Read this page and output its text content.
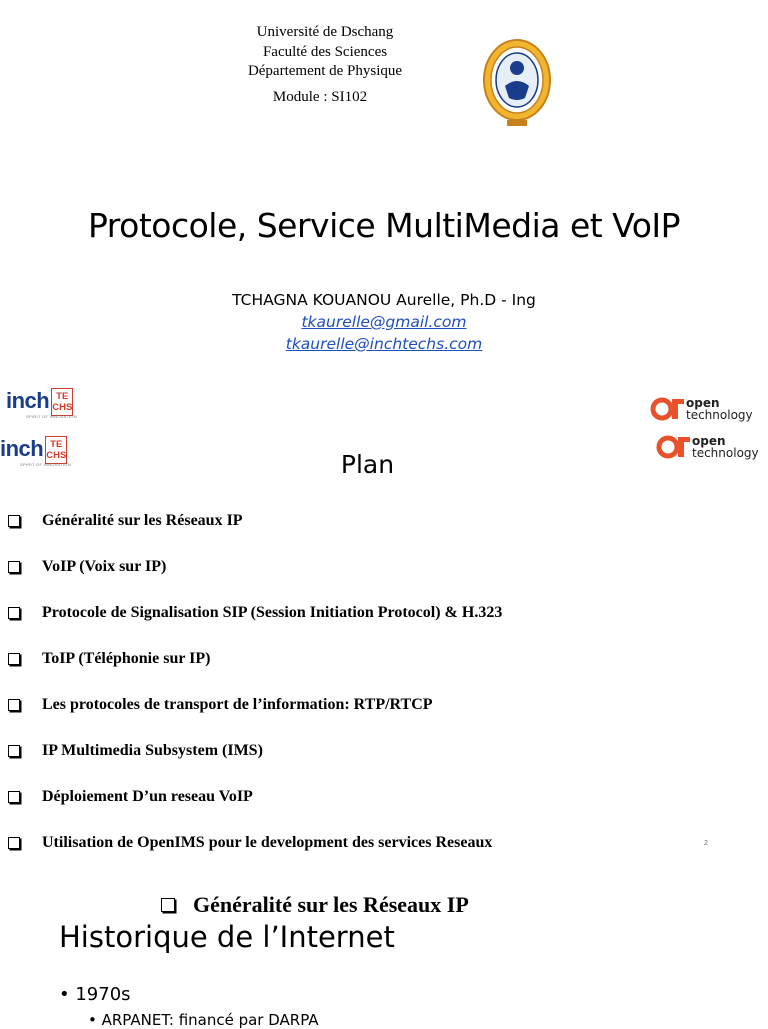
Université de Dschang
Faculté des Sciences
Département de Physique
Module : SI102
Protocole, Service MultiMedia et VoIP
TCHAGNA KOUANOU Aurelle, Ph.D - Ing
tkaurelle@gmail.com
tkaurelle@inchtechs.com
inch TE
CHS
SPIRIT OF INNOVATION
inch TE
CHS
SPIRIT OF INNOVATION
open
technology
open
technology
Plan
Généralité sur les Réseaux IP
VoIP (Voix sur IP)
Protocole de Signalisation SIP (Session Initiation Protocol) & H.323
ToIP (Téléphonie sur IP)
Les protocoles de transport de l’information: RTP/RTCP
IP Multimedia Subsystem (IMS)
Déploiement D’un reseau VoIP
Utilisation de OpenIMS pour le development des services Reseaux	2
Généralité sur les Réseaux IP
Historique de l’Internet
• 1970s
• ARPANET: financé par DARPA
